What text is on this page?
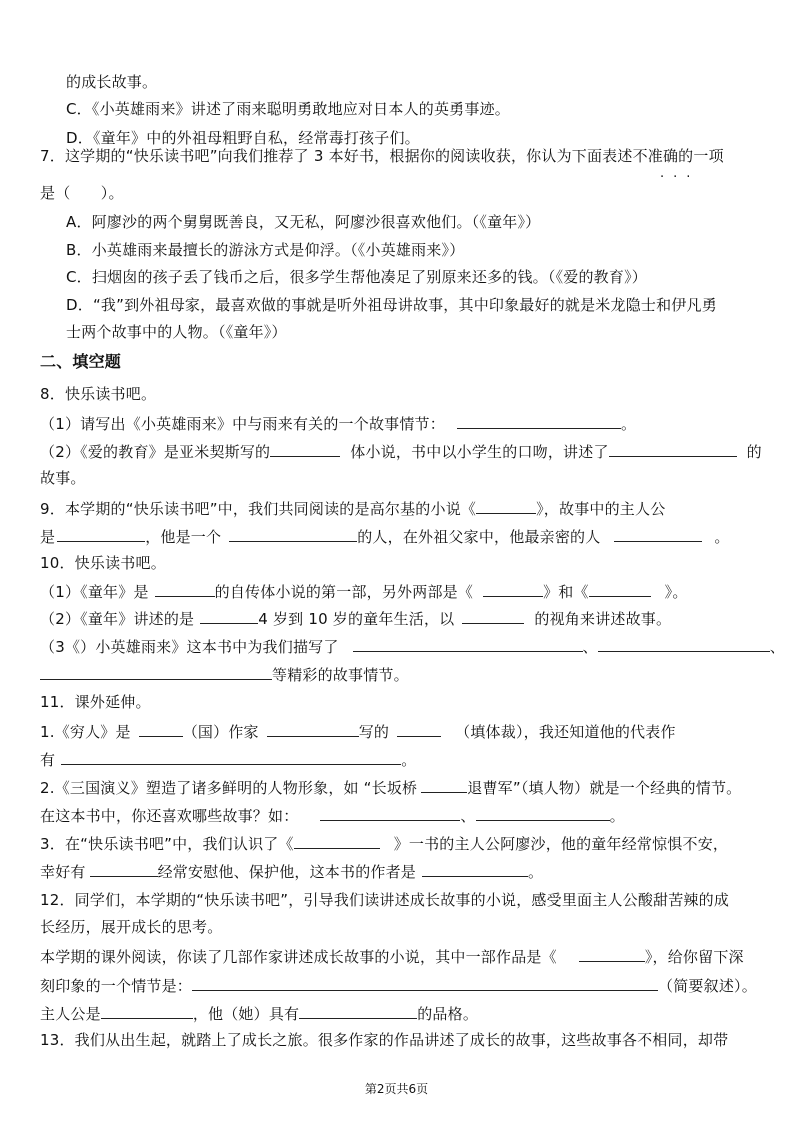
的成长故事。
C．《小英雄雨来》讲述了雨来聪明勇敢地应对日本人的英勇事迹。
D．《童年》中的外祖母粗野自私，经常毒打孩子们。
7．这学期的“快乐读书吧”向我们推荐了 3 本好书，根据你的阅读收获，你认为下面表述不准确的一项
···
是（　　）。
A．阿廖沙的两个舅舅既善良，又无私，阿廖沙很喜欢他们。（《童年》）
B．小英雄雨来最擅长的游泳方式是仰浮。（《小英雄雨来》）
C．扫烟囱的孩子丢了钱币之后，很多学生帮他凑足了别原来还多的钱。（《爱的教育》）
D．“我”到外祖母家，最喜欢做的事就是听外祖母讲故事，其中印象最好的就是米龙隐士和伊凡勇
士两个故事中的人物。（《童年》）
二、填空题
8．快乐读书吧。
（1）请写出《小英雄雨来》中与雨来有关的一个故事情节：	。
（2）《爱的教育》是亚米契斯写的	体小说，书中以小学生的口吻，讲述了	的
故事。
9．本学期的“快乐读书吧”中，我们共同阅读的是高尔基的小说《	》，故事中的主人公
是	，他是一个	的人，在外祖父家中，他最亲密的人	。
10．快乐读书吧。
（1）《童年》是	的自传体小说的第一部，另外两部是《	》和《	》。
（2）《童年》讲述的是	4 岁到 10 岁的童年生活，以	的视角来讲述故事。
（3《）小英雄雨来》这本书中为我们描写了	、	、
等精彩的故事情节。
11．课外延伸。
1.《穷人》是	（国）作家	写的	（填体裁），我还知道他的代表作
有	。
2.《三国演义》塑造了诸多鲜明的人物形象，如 “长坂桥	退曹军”（填人物）就是一个经典的情节。
在这本书中，你还喜欢哪些故事？如：	、	。
3．在“快乐读书吧”中，我们认识了《	》一书的主人公阿廖沙，他的童年经常惊惧不安，
幸好有	经常安慰他、保护他，这本书的作者是	。
12．同学们，本学期的“快乐读书吧”，引导我们读讲述成长故事的小说，感受里面主人公酸甜苦辣的成
长经历，展开成长的思考。
本学期的课外阅读，你读了几部作家讲述成长故事的小说，其中一部作品是《	》，给你留下深
刻印象的一个情节是：	（简要叙述）。
主人公是	，他（她）具有	的品格。
13．我们从出生起，就踏上了成长之旅。很多作家的作品讲述了成长的故事，这些故事各不相同，却带
第2页共6页
